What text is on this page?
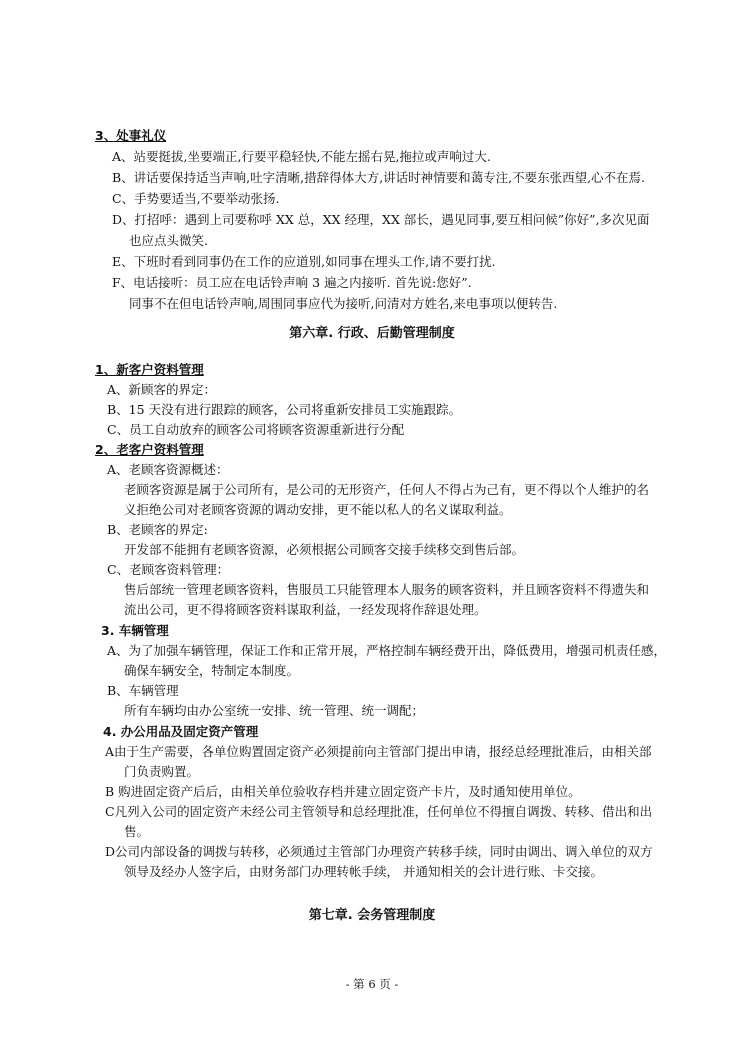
3、处事礼仪
A、站要挺拔,坐要端正,行要平稳轻快,不能左摇右晃,拖拉或声响过大.
B、讲话要保持适当声响,吐字清晰,措辞得体大方,讲话时神情要和蔼专注,不要东张西望,心不在焉.
C、手势要适当,不要举动张扬.
D、打招呼：遇到上司要称呼 XX 总，XX 经理，XX 部长，遇见同事,要互相问候”你好”,多次见面
也应点头微笑.
E、下班时看到同事仍在工作的应道别,如同事在埋头工作,请不要打扰.
F、电话接听：员工应在电话铃声响 3 遍之内接听. 首先说:您好”.
同事不在但电话铃声响,周围同事应代为接听,问清对方姓名,来电事项以便转告.
第六章. 行政、后勤管理制度
1、新客户资料管理
A、新顾客的界定：
B、15 天没有进行跟踪的顾客，公司将重新安排员工实施跟踪。
C、员工自动放弃的顾客公司将顾客资源重新进行分配
2、老客户资料管理
A、老顾客资源概述：
老顾客资源是属于公司所有，是公司的无形资产，任何人不得占为己有，更不得以个人维护的名
义拒绝公司对老顾客资源的调动安排，更不能以私人的名义谋取利益。
B、老顾客的界定:
开发部不能拥有老顾客资源，必须根据公司顾客交接手续移交到售后部。
C、老顾客资料管理：
售后部统一管理老顾客资料，售服员工只能管理本人服务的顾客资料，并且顾客资料不得遗失和
流出公司，更不得将顾客资料谋取利益，一经发现将作辞退处理。
3. 车辆管理
A、为了加强车辆管理，保证工作和正常开展，严格控制车辆经费开出，降低费用，增强司机责任感，
确保车辆安全，特制定本制度。
B、车辆管理
所有车辆均由办公室统一安排、统一管理、统一调配；
4. 办公用品及固定资产管理
A由于生产需要，各单位购置固定资产必须提前向主管部门提出申请，报经总经理批准后，由相关部
门负责购置。
B 购进固定资产后后，由相关单位验收存档并建立固定资产卡片，及时通知使用单位。
C凡列入公司的固定资产未经公司主管领导和总经理批准，任何单位不得擅自调拨、转移、借出和出
售。
D公司内部设备的调拨与转移，必须通过主管部门办理资产转移手续，同时由调出、调入单位的双方
领导及经办人签字后，由财务部门办理转帐手续， 并通知相关的会计进行账、卡交接。
第七章. 会务管理制度
- 第 6 页 -
